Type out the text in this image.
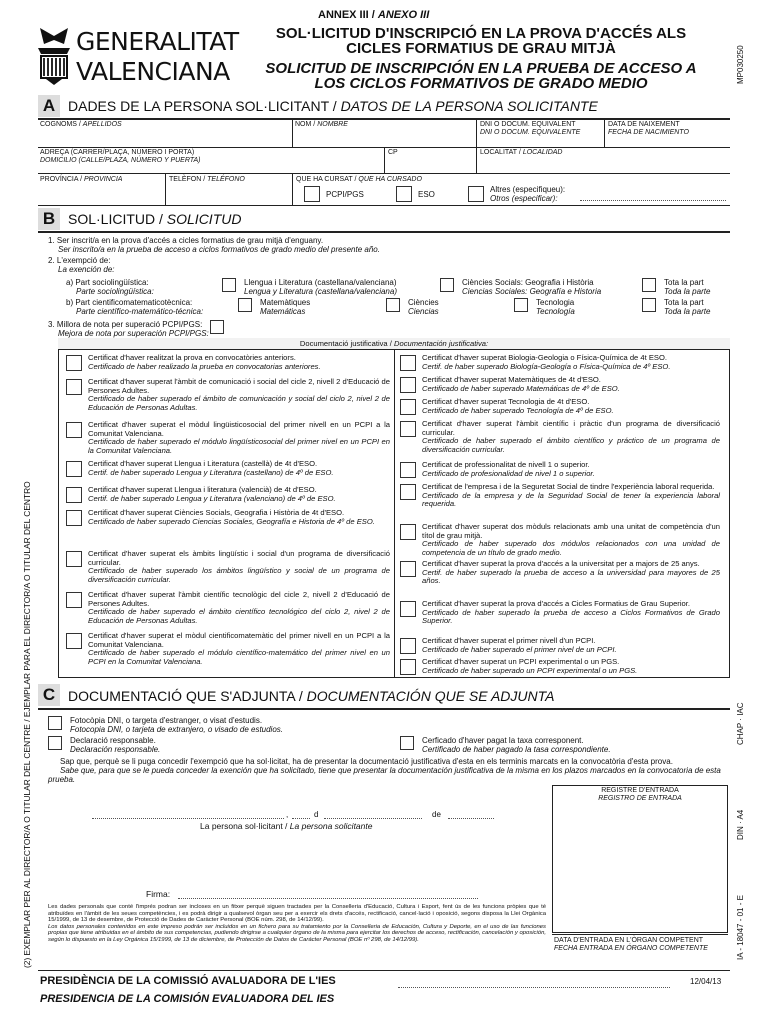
ANNEX III / ANEXO III
GENERALITAT
VALENCIANA
SOL·LICITUD D'INSCRIPCIÓ EN LA PROVA D'ACCÉS ALS
CICLES FORMATIUS DE GRAU MITJÀ
SOLICITUD DE INSCRIPCIÓN EN LA PRUEBA DE ACCESO A
LOS CICLOS FORMATIVOS DE GRADO MEDIO	MP030250
A DADES DE LA PERSONA SOL·LICITANT / DATOS DE LA PERSONA SOLICITANTE
COGNOMS / APELLIDOS	NOM / NOMBRE	DNI O DOCUM. EQUIVALENT
DNI O DOCUM. EQUIVALENTE
DATA DE NAIXEMENT
FECHA DE NACIMIENTO
ADREÇA (CARRER/PLAÇA, NÚMERO I PORTA)
DOMICILIO (CALLE/PLAZA, NÚMERO Y PUERTA)
CP	LOCALITAT / LOCALIDAD
PROVÍNCIA / PROVINCIA	TELÈFON / TELÉFONO	QUE HA CURSAT / QUE HA CURSADO
PCPI/PGS	ESO
Altres (especifiqueu):
Otros (especificar):
B SOL·LICITUD / SOLICITUD
1. Ser inscrit/a en la prova d'accés a cicles formatius de grau mitjà d'enguany.
Ser inscrito/a en la prueba de acceso a ciclos formativos de grado medio del presente año.
2. L'exempció de:
La exención de:
a) Part sociolingüística:
Parte sociolingüística:
Llengua i Literatura (castellana/valenciana)
Lengua y Literatura (castellana/valenciana)
Ciències Socials: Geografia i Història
Ciencias Sociales: Geografía e Historia
Tota la part
Toda la parte
b) Part cientificomatematicotècnica:
Parte científico-matemático-técnica:
Matemàtiques
Matemáticas
Ciències
Ciencias
Tecnologia
Tecnología
Tota la part
Toda la parte
3. Millora de nota per superació PCPI/PGS:
Mejora de nota por superación PCPI/PGS:
Documentació justificativa / Documentación justificativa:
Certificat d'haver realitzat la prova en convocatòries anteriors.
Certificado de haber realizado la prueba en convocatorias anteriores.
Certificat d'haver superat l'àmbit de comunicació i social del cicle 2, nivell 2 d'Educació de Persones Adultes.
Certificado de haber superado el ámbito de comunicación y social del ciclo 2, nivel 2 de Educación de Personas Adultas.
Certificat d'haver superat el mòdul lingüisticosocial del primer nivell en un PCPI a la Comunitat Valenciana.
Certificado de haber superado el módulo lingüísticosocial del primer nivel en un PCPI en la Comunitat Valenciana.
Certificat d'haver superat Llengua i Literatura (castellà) de 4t d'ESO.
Certif. de haber superado Lengua y Literatura (castellano) de 4º de ESO.
Certificat d'haver superat Llengua i literatura (valencià) de 4t d'ESO.
Certif. de haber superado Lengua y Literatura (valenciano) de 4º de ESO.
Certificat d'haver superat Ciències Socials, Geografia i Història de 4t d'ESO.
Certificado de haber superado Ciencias Sociales, Geografía e Historia de 4º de ESO.
Certificat d'haver superat els àmbits lingüístic i social d'un programa de diversificació curricular.
Certificado de haber superado los ámbitos lingüístico y social de un programa de diversificación curricular.
Certificat d'haver superat l'àmbit científic tecnològic del cicle 2, nivell 2 d'Educació de Persones Adultes.
Certificado de haber superado el ámbito científico tecnológico del ciclo 2, nivel 2 de Educación de Personas Adultas.
Certificat d'haver superat el mòdul cientificomatemàtic del primer nivell en un PCPI a la Comunitat Valenciana.
Certificado de haber superado el módulo científico-matemático del primer nivel en un PCPI en la Comunitat Valenciana.
Certificat d'haver superat Biologia-Geologia o Física-Química de 4t ESO.
Certif. de haber superado Biología-Geología o Física-Química de 4º ESO.
Certificat d'haver superat Matemàtiques de 4t d'ESO.
Certificado de haber superado Matemáticas de 4º de ESO.
Certificat d'haver superat Tecnologia de 4t d'ESO.
Certificado de haber superado Tecnología de 4º de ESO.
Certificat d'haver superat l'àmbit científic i pràctic d'un programa de diversificació curricular.
Certificado de haber superado el ámbito científico y práctico de un programa de diversificación curricular.
Certificat de professionalitat de nivell 1 o superior.
Certificado de profesionalidad de nivel 1 o superior.
Certificat de l'empresa i de la Seguretat Social de tindre l'experiència laboral requerida.
Certificado de la empresa y de la Seguridad Social de tener la experiencia laboral requerida.
Certificat d'haver superat dos mòduls relacionats amb una unitat de competència d'un títol de grau mitjà.
Certificado de haber superado dos módulos relacionados con una unidad de competencia de un título de grado medio.
Certificat d'haver superat la prova d'accés a la universitat per a majors de 25 anys.
Certif. de haber superado la prueba de acceso a la universidad para mayores de 25 años.
Certificat d'haver superat la prova d'accés a Cicles Formatius de Grau Superior.
Certificado de haber superado la prueba de acceso a Ciclos Formativos de Grado Superior.
Certificat d'haver superat el primer nivell d'un PCPI.
Certificado de haber superado el primer nivel de un PCPI.
Certificat d'haver superat un PCPI experimental o un PGS.
Certificado de haber superado un PCPI experimental o un PGS.
C DOCUMENTACIÓ QUE S'ADJUNTA / DOCUMENTACIÓN QUE SE ADJUNTA
Fotocòpia DNI, o targeta d'estranger, o visat d'estudis.
Fotocopia DNI, o tarjeta de extranjero, o visado de estudios.
Declaració responsable.
Declaración responsable.
Cerficado d'haver pagat la taxa corresponent.
Certificado de haber pagado la tasa correspondiente.
Sap que, perquè se li puga concedir l'exempció que ha sol·licitat, ha de presentar la documentació justificativa d'esta en els terminis marcats en la convocatòria d'esta prova.
Sabe que, para que se le pueda conceder la exención que ha solicitado, tiene que presentar la documentación justificativa de la misma en los plazos marcados en la convocatoria de esta prueba.
REGISTRE D'ENTRADA
REGISTRO DE ENTRADA
DATA D'ENTRADA EN L'ÒRGAN COMPETENT
FECHA ENTRADA EN ÓRGANO COMPETENTE
,	d	de
La persona sol·licitant / La persona solicitante
Firma:
Les dades personals que conté l'imprés podran ser incloses en un fitxer perquè siguen tractades per la Conselleria d'Educació, Cultura i Esport, fent ús de les funcions pròpies que té atribuïdes en l'àmbit de les seues competències, i es podrà dirigir a qualsevol òrgan seu per a exercir els drets d'accés, rectificació, cancel·lació i oposició, segons disposa la Llei Orgànica 15/1999, de 13 de desembre, de Protecció de Dades de Caràcter Personal (BOE núm. 298, de 14/12/99).
Los datos personales contenidos en este impreso podrán ser incluidos en un fichero para su tratamiento por la Conselleria de Educación, Cultura y Deporte, en el uso de las funciones propias que tiene atribuidas en el ámbito de sus competencias, pudiendo dirigirse a cualquier órgano de la misma para ejercitar los derechos de acceso, rectificación, cancelación y oposición, según lo dispuesto en la Ley Orgánica 15/1999, de 13 de diciembre, de Protección de Datos de Carácter Personal (BOE nº 298, de 14/12/99).
PRESIDÈNCIA DE LA COMISSIÓ AVALUADORA DE L'IES	12/04/13
PRESIDENCIA DE LA COMISIÓN EVALUADORA DEL IES
(2) EXEMPLAR PER AL DIRECTOR/A O TITULAR DEL CENTRE / EJEMPLAR PARA EL DIRECTOR/A O TITULAR DEL CENTRO	CHAP · IAC
DIN · A4
IA - 18047 - 01 - E
